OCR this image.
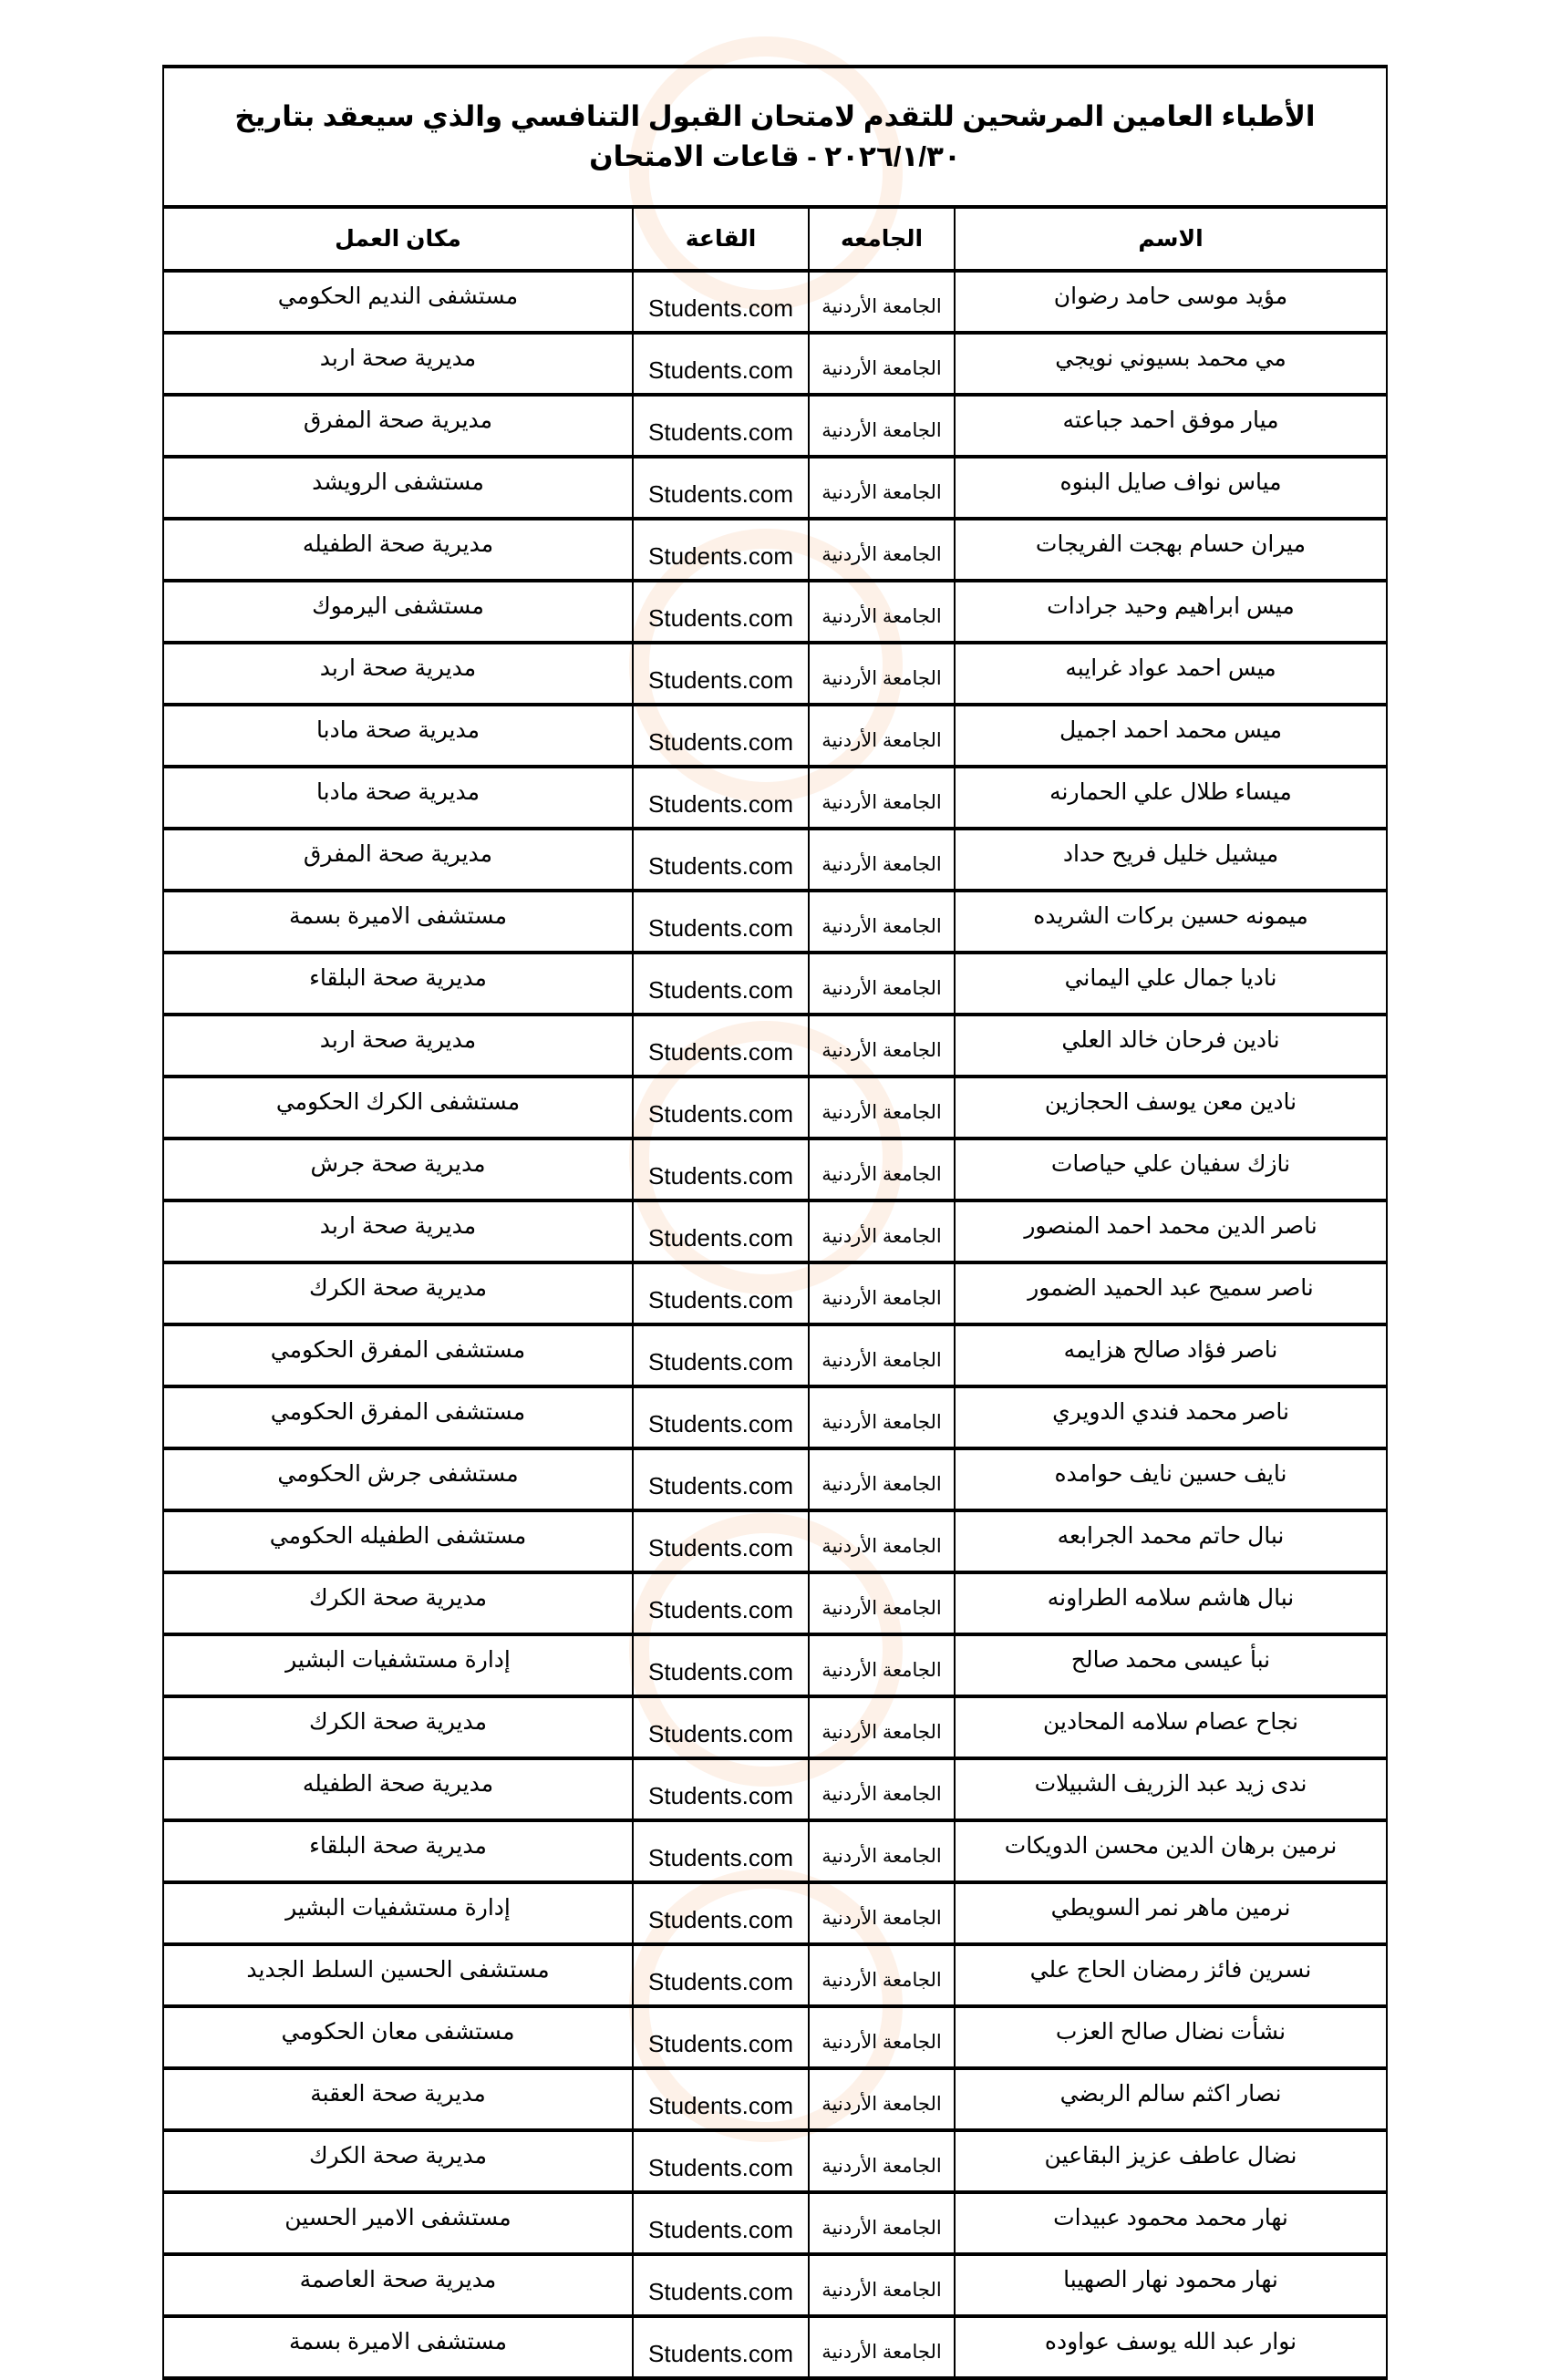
الأطباء العامين المرشحين للتقدم لامتحان القبول التنافسي والذي سيعقد بتاريخ ٢٠٢٦/١/٣٠ - قاعات الامتحان			
الاسم	الجامعه	القاعة	مكان العمل
مؤيد موسى حامد رضوان	الجامعة الأردنية	Students.com	مستشفى النديم الحكومي
مي محمد بسيوني نويجي	الجامعة الأردنية	Students.com	مديرية صحة اربد
ميار موفق احمد جباعته	الجامعة الأردنية	Students.com	مديرية صحة المفرق
مياس نواف صايل البنوه	الجامعة الأردنية	Students.com	مستشفى الرويشد
ميران حسام بهجت الفريجات	الجامعة الأردنية	Students.com	مديرية صحة الطفيله
ميس ابراهيم وحيد جرادات	الجامعة الأردنية	Students.com	مستشفى اليرموك
ميس احمد عواد غرايبه	الجامعة الأردنية	Students.com	مديرية صحة اربد
ميس محمد احمد اجميل	الجامعة الأردنية	Students.com	مديرية صحة مادبا
ميساء طلال علي الحمارنه	الجامعة الأردنية	Students.com	مديرية صحة مادبا
ميشيل خليل فريح حداد	الجامعة الأردنية	Students.com	مديرية صحة المفرق
ميمونه حسين بركات الشريده	الجامعة الأردنية	Students.com	مستشفى الاميرة بسمة
ناديا جمال علي اليماني	الجامعة الأردنية	Students.com	مديرية صحة البلقاء
نادين فرحان خالد العلي	الجامعة الأردنية	Students.com	مديرية صحة اربد
نادين معن يوسف الحجازين	الجامعة الأردنية	Students.com	مستشفى الكرك الحكومي
نازك سفيان علي حياصات	الجامعة الأردنية	Students.com	مديرية صحة جرش
ناصر الدين محمد احمد المنصور	الجامعة الأردنية	Students.com	مديرية صحة اربد
ناصر سميح عبد الحميد الضمور	الجامعة الأردنية	Students.com	مديرية صحة الكرك
ناصر فؤاد صالح هزايمه	الجامعة الأردنية	Students.com	مستشفى المفرق الحكومي
ناصر محمد فندي الدويري	الجامعة الأردنية	Students.com	مستشفى المفرق الحكومي
نايف حسين نايف حوامده	الجامعة الأردنية	Students.com	مستشفى جرش الحكومي
نبال حاتم محمد الجرابعه	الجامعة الأردنية	Students.com	مستشفى الطفيله الحكومي
نبال هاشم سلامه الطراونه	الجامعة الأردنية	Students.com	مديرية صحة الكرك
نبأ عيسى محمد صالح	الجامعة الأردنية	Students.com	إدارة مستشفيات البشير
نجاح عصام سلامه المحادين	الجامعة الأردنية	Students.com	مديرية صحة الكرك
ندى زيد عبد الزريف الشبيلات	الجامعة الأردنية	Students.com	مديرية صحة الطفيله
نرمين برهان الدين محسن الدويكات	الجامعة الأردنية	Students.com	مديرية صحة البلقاء
نرمين ماهر نمر السويطي	الجامعة الأردنية	Students.com	إدارة مستشفيات البشير
نسرين فائز رمضان الحاج علي	الجامعة الأردنية	Students.com	مستشفى الحسين السلط الجديد
نشأت نضال صالح العزب	الجامعة الأردنية	Students.com	مستشفى معان الحكومي
نصار اكثم سالم الربضي	الجامعة الأردنية	Students.com	مديرية صحة العقبة
نضال عاطف عزيز البقاعين	الجامعة الأردنية	Students.com	مديرية صحة الكرك
نهار محمد محمود عبيدات	الجامعة الأردنية	Students.com	مستشفى الامير الحسين
نهار محمود نهار الصهيبا	الجامعة الأردنية	Students.com	مديرية صحة العاصمة
نوار عبد الله يوسف عواوده	الجامعة الأردنية	Students.com	مستشفى الاميرة بسمة
